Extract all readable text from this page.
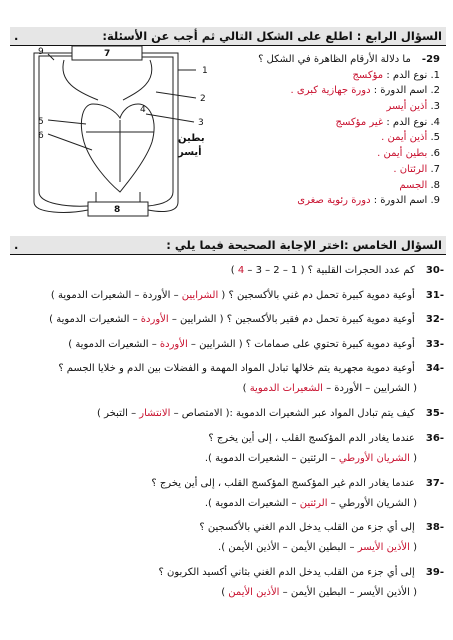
السؤال الرابع : اطلع على الشكل التالي ثم أجب عن الأسئلة:
.
1
2
3
4
5
6
7
8
9
بطين
أيسر
29- ما دلالة الأرقام الظاهرة في الشكل ؟
1. نوع الدم : مؤكسج
2. اسم الدورة : دورة جهازية كبرى .
3. أذين أيسر
4. نوع الدم : غير مؤكسج
5. أذين أيمن .
6. بطين أيمن .
7. الرئتان .
8. الجسم
9. اسم الدورة : دورة رئوية صغرى
السؤال الخامس :اختر الإجابة الصحيحة فيما يلي :
.
-30 كم عدد الحجرات القلبية ؟ ( 1 – 2 – 3 – 4 )
-31 أوعية دموية كبيرة تحمل دم غني بالأكسجين ؟ ( الشرايين – الأوردة – الشعيرات الدموية )
-32 أوعية دموية كبيرة تحمل دم فقير بالأكسجين ؟ ( الشرايين – الأوردة – الشعيرات الدموية )
-33 أوعية دموية كبيرة تحتوي على صمامات ؟ ( الشرايين – الأوردة – الشعيرات الدموية )
-34 أوعية دموية مجهرية يتم خلالها تبادل المواد المهمة و الفضلات بين الدم و خلايا الجسم ؟
( الشرايين – الأوردة – الشعيرات الدموية )
-35 كيف يتم تبادل المواد عبر الشعيرات الدموية :( الامتصاص – الانتشار – التبخر )
-36 عندما يغادر الدم المؤكسج القلب ، إلى أين يخرج ؟
( الشريان الأورطي – الرئتين – الشعيرات الدموية ).
-37 عندما يغادر الدم غير المؤكسج المؤكسج القلب ، إلى أين يخرج ؟
( الشريان الأورطي – الرئتين – الشعيرات الدموية ).
-38 إلى أي جزء من القلب يدخل الدم الغني بالأكسجين ؟
( الأذين الأيسر – البطين الأيمن – الأذين الأيمن ).
-39 إلى أي جزء من القلب يدخل الدم الغني بثاني أكسيد الكربون ؟
( الأذين الأيسر – البطين الأيمن – الأذين الأيمن )
